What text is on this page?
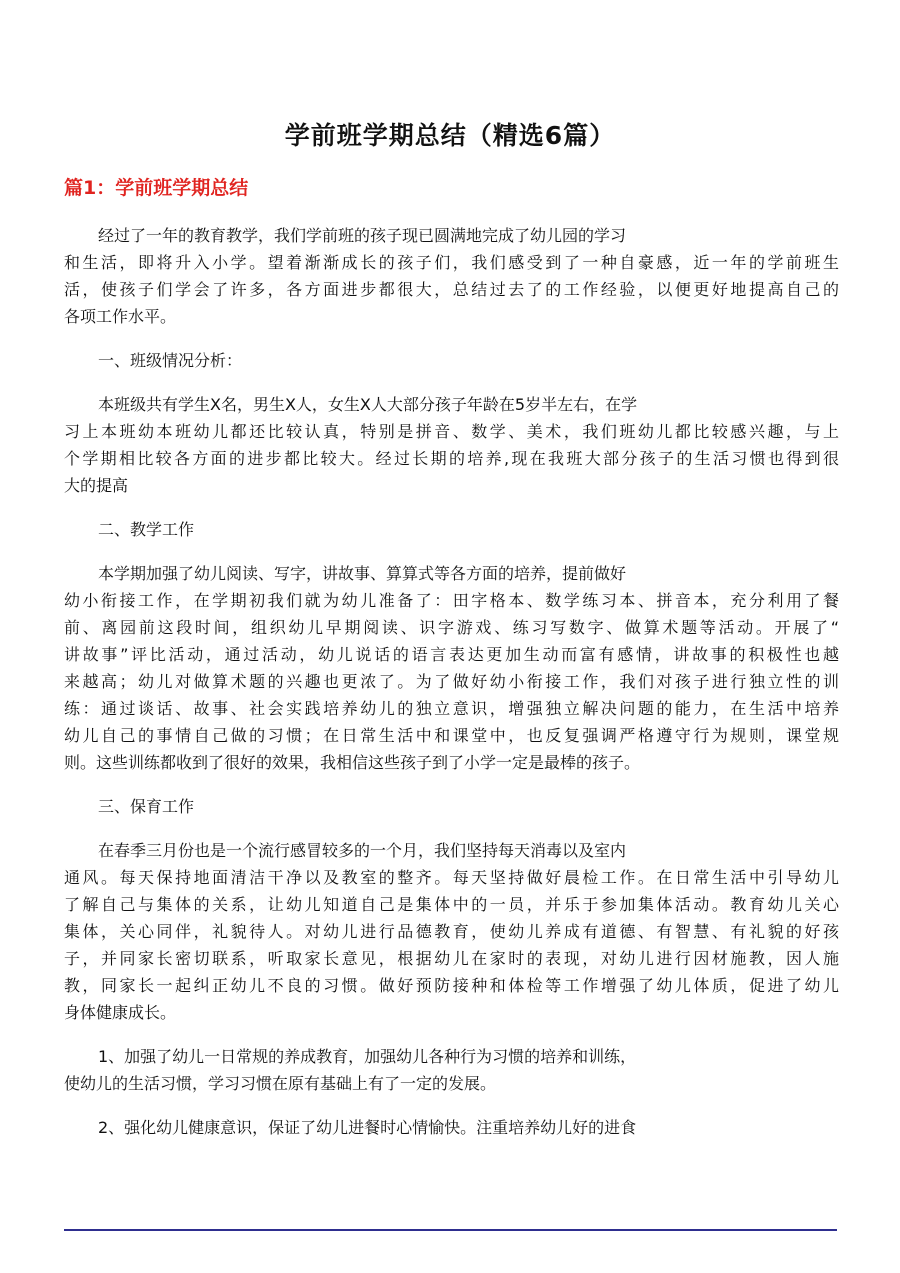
学前班学期总结（精选6篇）
篇1：学前班学期总结
经过了一年的教育教学，我们学前班的孩子现已圆满地完成了幼儿园的学习
和生活，即将升入小学。望着渐渐成长的孩子们，我们感受到了一种自豪感，近一年的学前班生
活，使孩子们学会了许多，各方面进步都很大，总结过去了的工作经验，以便更好地提高自己的
各项工作水平。
一、班级情况分析：
本班级共有学生X名，男生X人，女生X人大部分孩子年龄在5岁半左右，在学
习上本班幼本班幼儿都还比较认真，特别是拼音、数学、美术，我们班幼儿都比较感兴趣，与上
个学期相比较各方面的进步都比较大。经过长期的培养,现在我班大部分孩子的生活习惯也得到很
大的提高
二、教学工作
本学期加强了幼儿阅读、写字，讲故事、算算式等各方面的培养，提前做好
幼小衔接工作，在学期初我们就为幼儿准备了：田字格本、数学练习本、拼音本，充分利用了餐
前、离园前这段时间，组织幼儿早期阅读、识字游戏、练习写数字、做算术题等活动。开展了“
讲故事”评比活动，通过活动，幼儿说话的语言表达更加生动而富有感情，讲故事的积极性也越
来越高；幼儿对做算术题的兴趣也更浓了。为了做好幼小衔接工作，我们对孩子进行独立性的训
练：通过谈话、故事、社会实践培养幼儿的独立意识，增强独立解决问题的能力，在生活中培养
幼儿自己的事情自己做的习惯；在日常生活中和课堂中，也反复强调严格遵守行为规则，课堂规
则。这些训练都收到了很好的效果，我相信这些孩子到了小学一定是最棒的孩子。
三、保育工作
在春季三月份也是一个流行感冒较多的一个月，我们坚持每天消毒以及室内
通风。每天保持地面清洁干净以及教室的整齐。每天坚持做好晨检工作。在日常生活中引导幼儿
了解自己与集体的关系，让幼儿知道自己是集体中的一员，并乐于参加集体活动。教育幼儿关心
集体，关心同伴，礼貌待人。对幼儿进行品德教育，使幼儿养成有道德、有智慧、有礼貌的好孩
子，并同家长密切联系，听取家长意见，根据幼儿在家时的表现，对幼儿进行因材施教，因人施
教，同家长一起纠正幼儿不良的习惯。做好预防接种和体检等工作增强了幼儿体质，促进了幼儿
身体健康成长。
1、加强了幼儿一日常规的养成教育，加强幼儿各种行为习惯的培养和训练，
使幼儿的生活习惯，学习习惯在原有基础上有了一定的发展。
2、强化幼儿健康意识，保证了幼儿进餐时心情愉快。注重培养幼儿好的进食
